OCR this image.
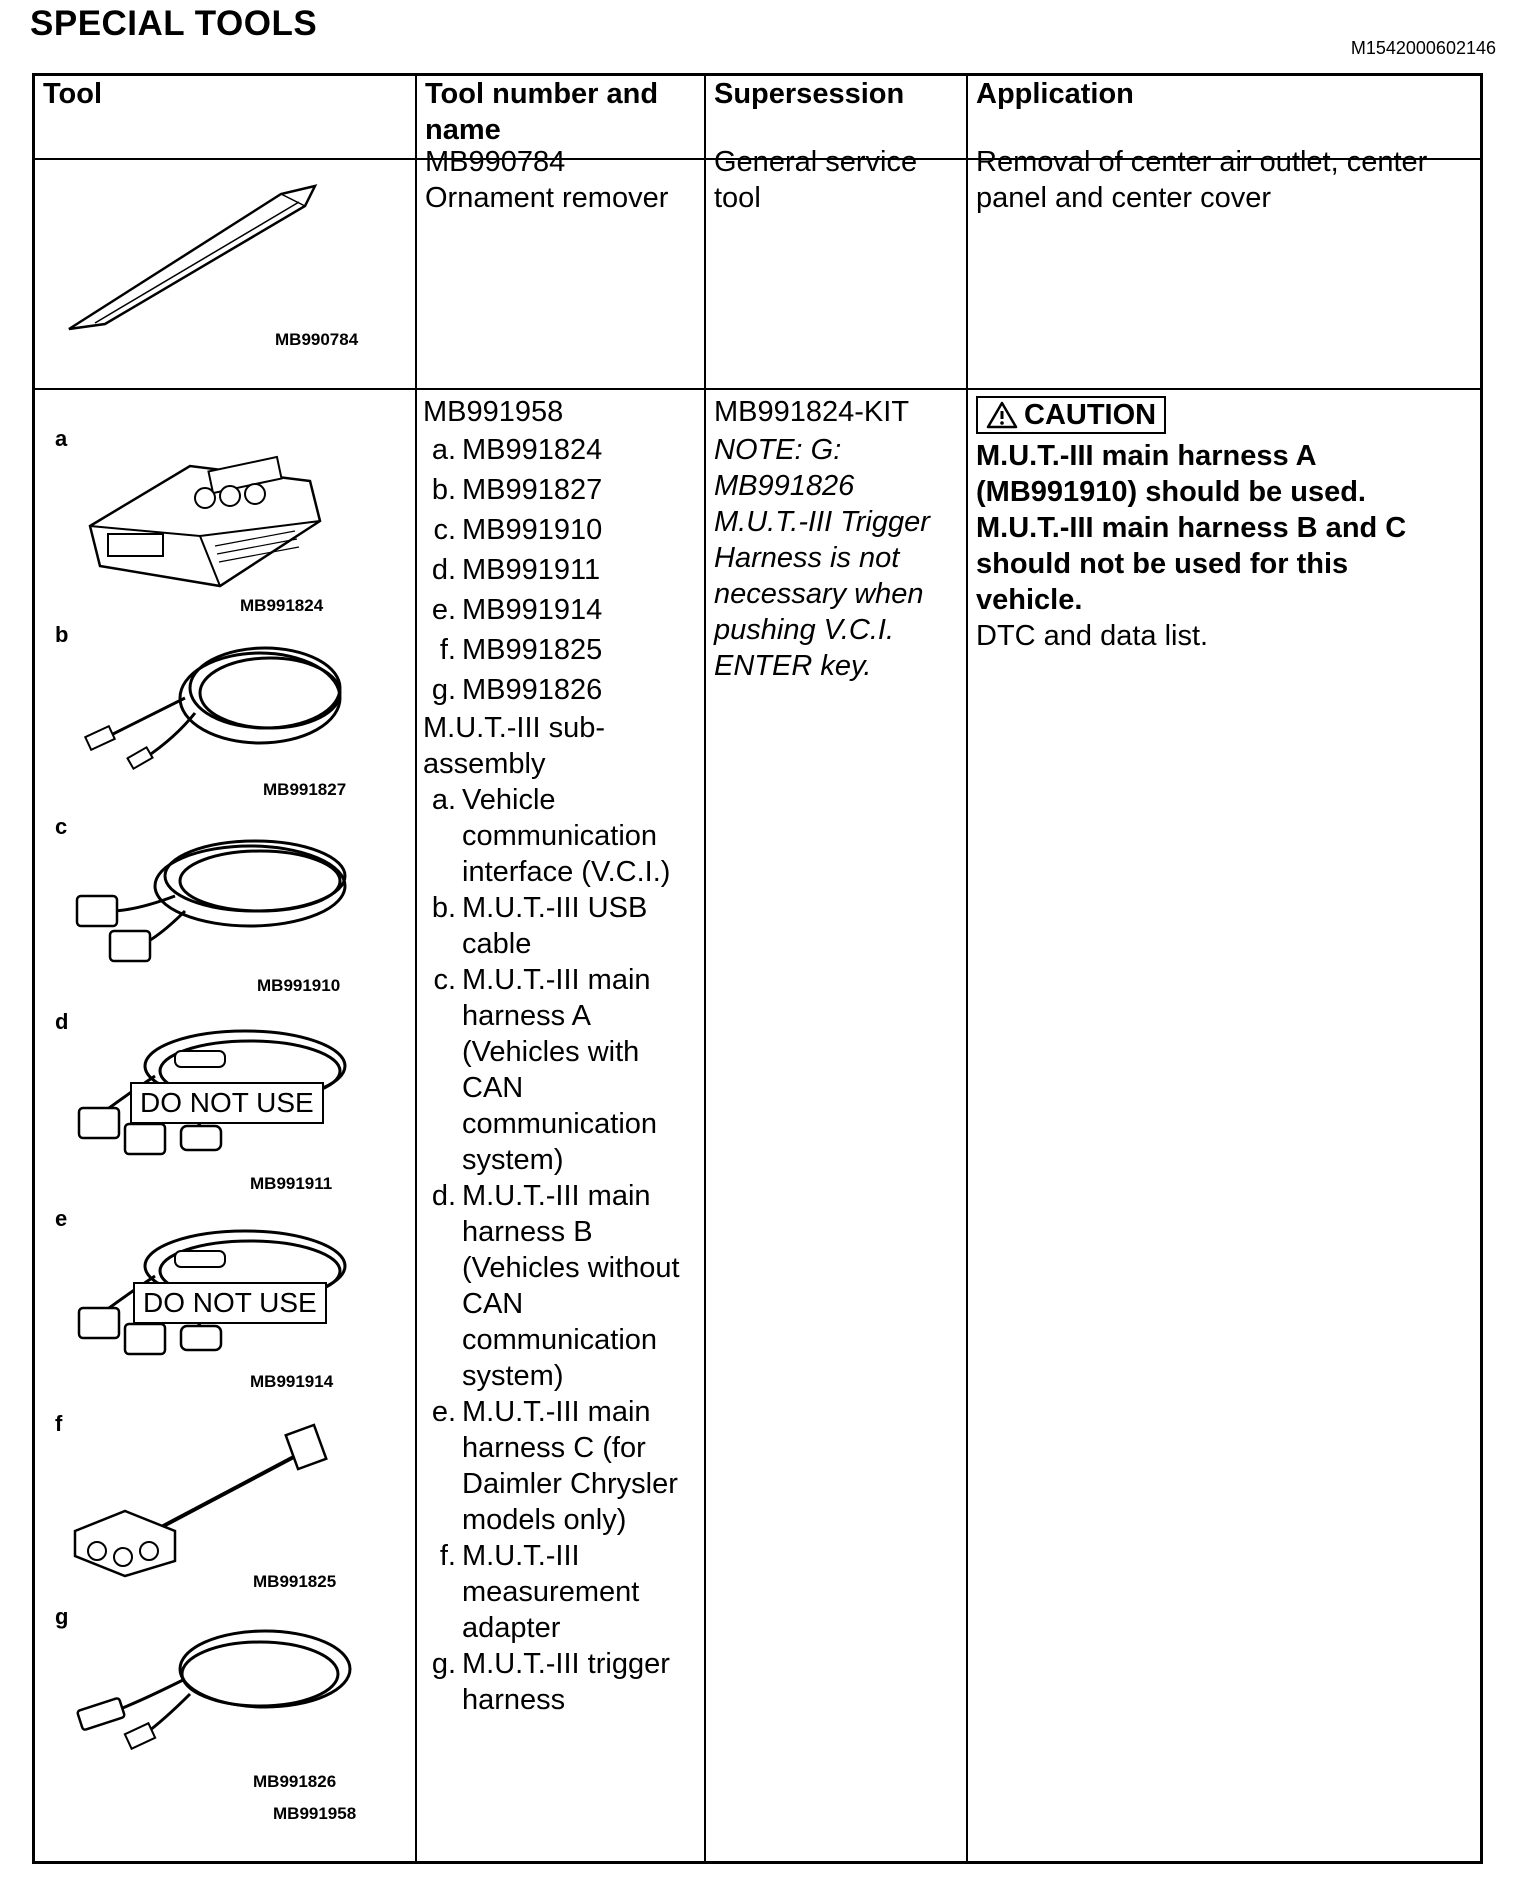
SPECIAL TOOLS
M1542000602146
Tool	Tool number and name
Supersession	Application
MB990784
MB990784
Ornament remover
General service tool
Removal of center air outlet, center panel and center cover
a
MB991824
b
MB991827
c
MB991910
d
DO NOT USE
MB991911
e
DO NOT USE
MB991914
f
MB991825
g
MB991826
MB991958
MB991958
a. MB991824
b. MB991827
c. MB991910
d. MB991911
e. MB991914
f. MB991825
g. MB991826
M.U.T.-III sub-assembly
a. Vehicle communication interface (V.C.I.)
b. M.U.T.-III USB cable
c. M.U.T.-III main harness A (Vehicles with CAN communication system)
d. M.U.T.-III main harness B (Vehicles without CAN communication system)
e. M.U.T.-III main harness C (for Daimler Chrysler models only)
f. M.U.T.-III measurement adapter
g. M.U.T.-III trigger harness
MB991824-KIT
NOTE: G: MB991826 M.U.T.-III Trigger Harness is not necessary when pushing V.C.I. ENTER key.
CAUTION
M.U.T.-III main harness A (MB991910) should be used. M.U.T.-III main harness B and C should not be used for this vehicle.
DTC and data list.
